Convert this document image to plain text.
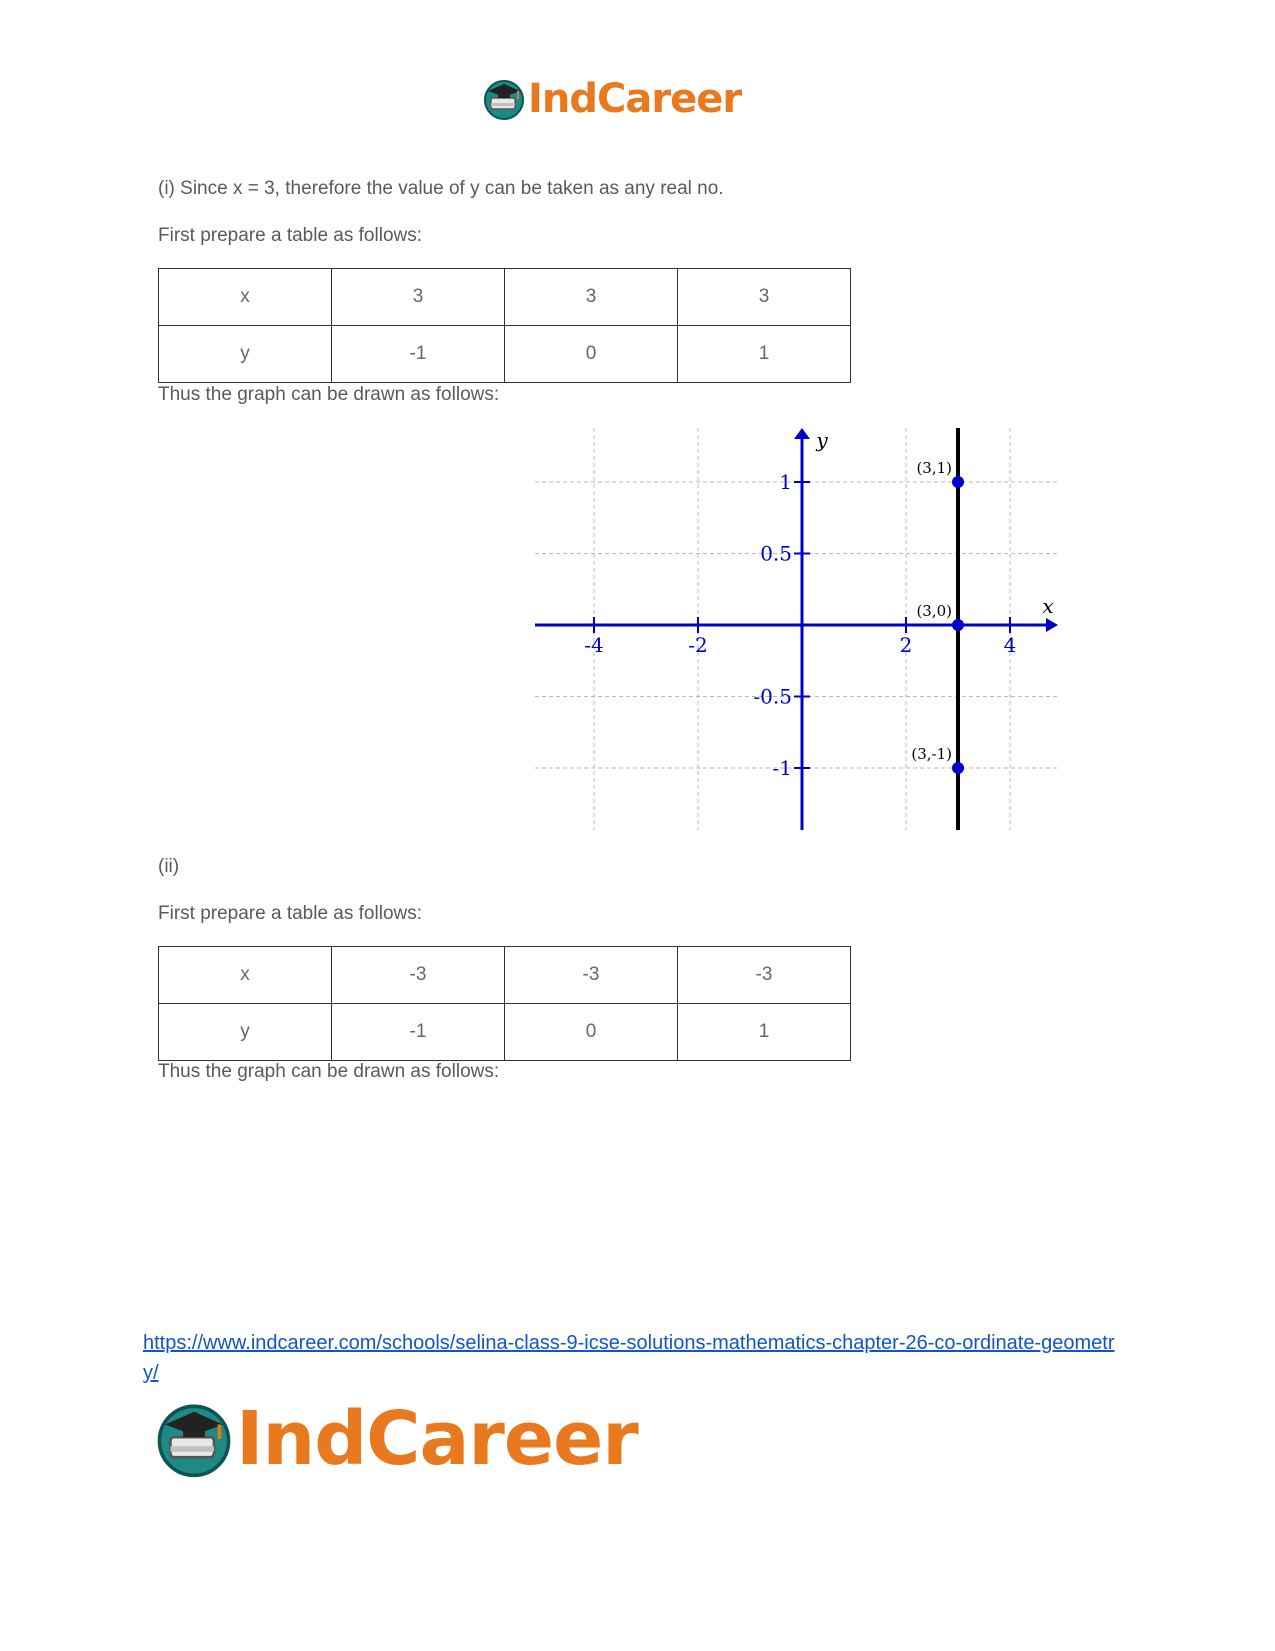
IndCareer
(i) Since x = 3, therefore the value of y can be taken as any real no.
First prepare a table as follows:
x	3	3	3
y	-1	0	1
Thus the graph can be drawn as follows:
-4	-2	2	4
1
0.5
-0.5
-1
x
y
(3,1)
(3,0)
(3,-1)
(ii)
First prepare a table as follows:
x	-3	-3	-3
y	-1	0	1
Thus the graph can be drawn as follows:
https://www.indcareer.com/schools/selina-class-9-icse-solutions-mathematics-chapter-26-co-ordinate-geometry/
IndCareer
